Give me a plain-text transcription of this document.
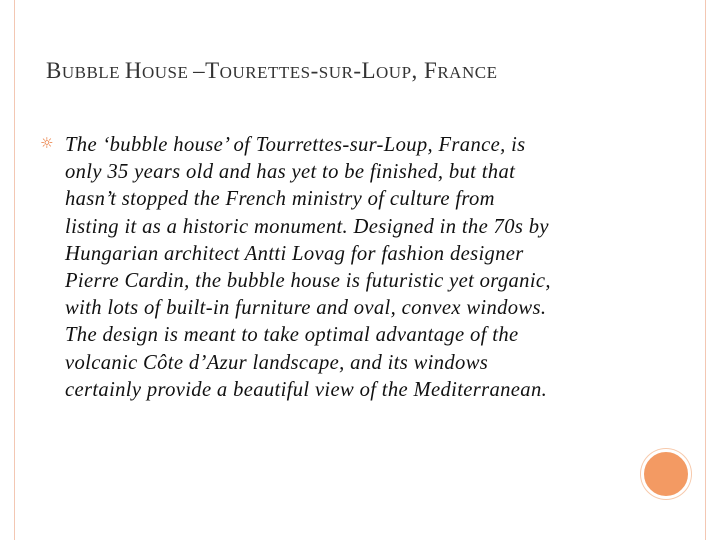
BUBBLE HOUSE –TOURETTES-SUR-LOUP, FRANCE
☼ The ‘bubble house’ of Tourrettes-sur-Loup, France, is
only 35 years old and has yet to be finished, but that
hasn’t stopped the French ministry of culture from
listing it as a historic monument. Designed in the 70s by
Hungarian architect Antti Lovag for fashion designer
Pierre Cardin, the bubble house is futuristic yet organic,
with lots of built-in furniture and oval, convex windows.
The design is meant to take optimal advantage of the
volcanic Côte d’Azur landscape, and its windows
certainly provide a beautiful view of the Mediterranean.
